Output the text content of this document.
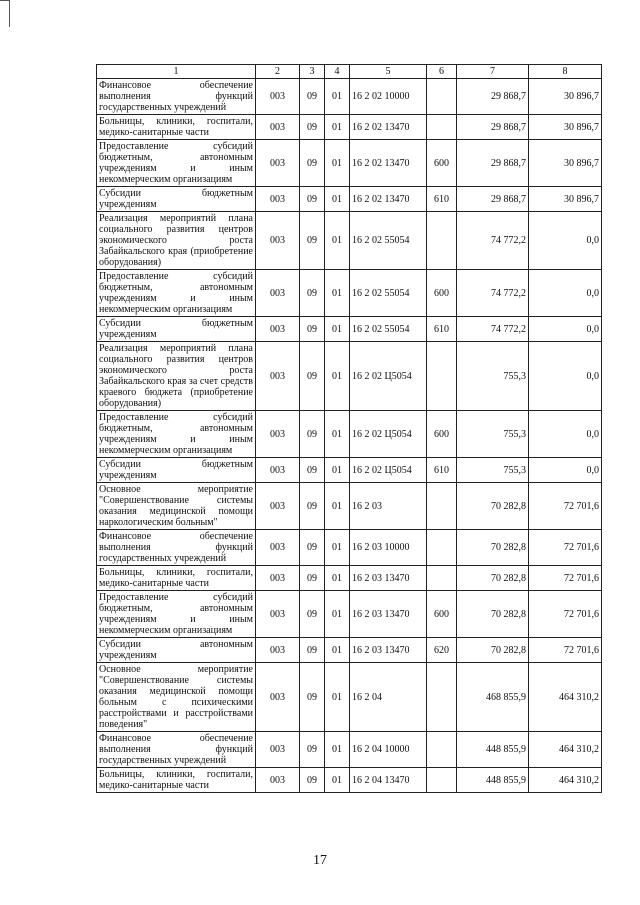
1	2	3	4	5	6	7	8
Финансовое обеспечение выполнения функций государственных учреждений	003	09	01	16 2 02 10000		29 868,7	30 896,7
Больницы, клиники, госпитали, медико-санитарные части	003	09	01	16 2 02 13470		29 868,7	30 896,7
Предоставление субсидий бюджетным, автономным учреждениям и иным некоммерческим организациям	003	09	01	16 2 02 13470	600	29 868,7	30 896,7
Субсидии бюджетным учреждениям	003	09	01	16 2 02 13470	610	29 868,7	30 896,7
Реализация мероприятий плана социального развития центров экономического роста Забайкальского края (приобретение оборудования)	003	09	01	16 2 02 55054		74 772,2	0,0
Предоставление субсидий бюджетным, автономным учреждениям и иным некоммерческим организациям	003	09	01	16 2 02 55054	600	74 772,2	0,0
Субсидии бюджетным учреждениям	003	09	01	16 2 02 55054	610	74 772,2	0,0
Реализация мероприятий плана социального развития центров экономического роста Забайкальского края за счет средств краевого бюджета (приобретение оборудования)	003	09	01	16 2 02 Ц5054		755,3	0,0
Предоставление субсидий бюджетным, автономным учреждениям и иным некоммерческим организациям	003	09	01	16 2 02 Ц5054	600	755,3	0,0
Субсидии бюджетным учреждениям	003	09	01	16 2 02 Ц5054	610	755,3	0,0
Основное мероприятие "Совершенствование системы оказания медицинской помощи наркологическим больным"	003	09	01	16 2 03		70 282,8	72 701,6
Финансовое обеспечение выполнения функций государственных учреждений	003	09	01	16 2 03 10000		70 282,8	72 701,6
Больницы, клиники, госпитали, медико-санитарные части	003	09	01	16 2 03 13470		70 282,8	72 701,6
Предоставление субсидий бюджетным, автономным учреждениям и иным некоммерческим организациям	003	09	01	16 2 03 13470	600	70 282,8	72 701,6
Субсидии автономным учреждениям	003	09	01	16 2 03 13470	620	70 282,8	72 701,6
Основное мероприятие "Совершенствование системы оказания медицинской помощи больным с психическими расстройствами и расстройствами поведения"	003	09	01	16 2 04		468 855,9	464 310,2
Финансовое обеспечение выполнения функций государственных учреждений	003	09	01	16 2 04 10000		448 855,9	464 310,2
Больницы, клиники, госпитали, медико-санитарные части	003	09	01	16 2 04 13470		448 855,9	464 310,2
17
